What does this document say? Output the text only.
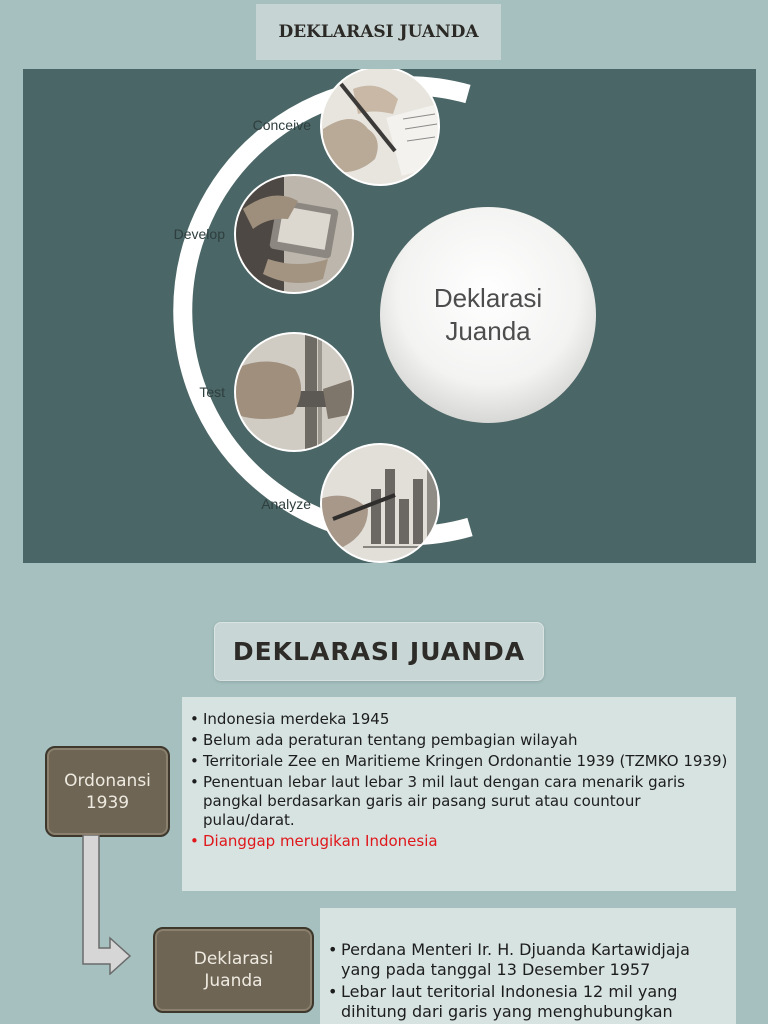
DEKLARASI JUANDA
Deklarasi
Juanda
Conceive
Develop
Test
Analyze
DEKLARASI JUANDA
• Indonesia merdeka 1945
• Belum ada peraturan tentang pembagian wilayah
• Territoriale Zee en Maritieme Kringen Ordonantie 1939 (TZMKO 1939)
• Penentuan lebar laut lebar 3 mil laut dengan cara menarik garis pangkal berdasarkan garis air pasang surut atau countour pulau/darat.
• Dianggap merugikan Indonesia
Ordonansi
1939
Deklarasi
Juanda
• Perdana Menteri Ir. H. Djuanda Kartawidjaja yang pada tanggal 13 Desember 1957
• Lebar laut teritorial Indonesia 12 mil yang dihitung dari garis yang menghubungkan
